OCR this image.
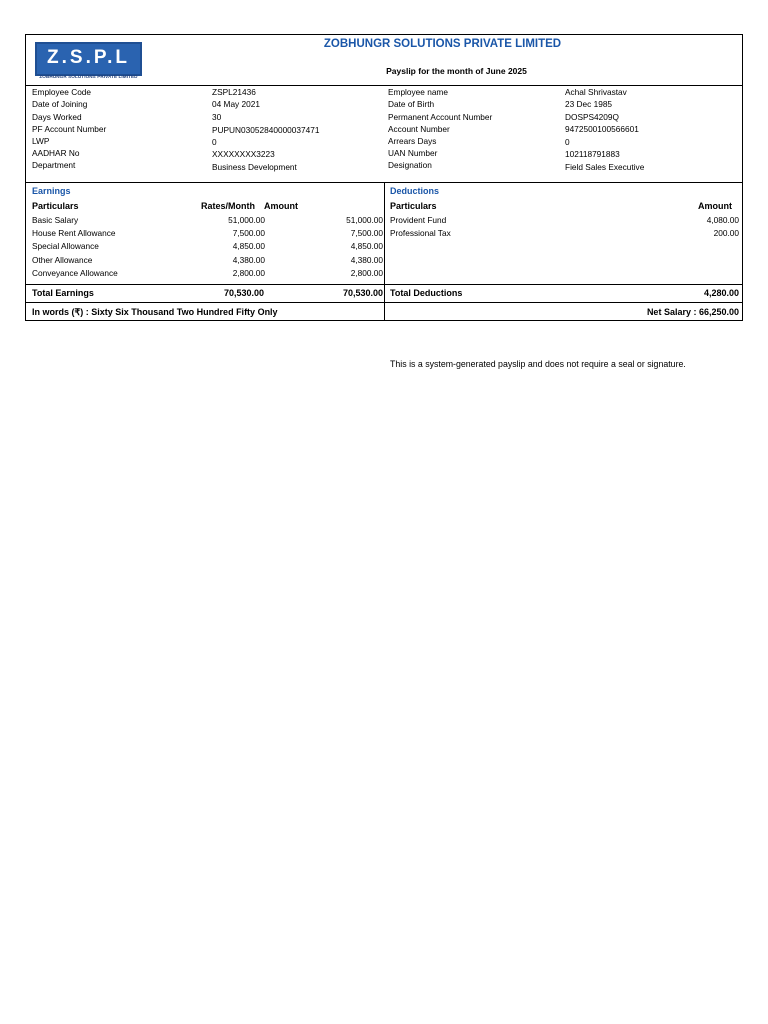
Z.S.P.L
ZOBHUNGR SOLUTIONS PRIVATE LIMITED
ZOBHUNGR SOLUTIONS PRIVATE LIMITED
Payslip for the month of June 2025
Employee Code	ZSPL21436
Date of Joining	04 May 2021
Days Worked	30
PF Account Number	PUPUN03052840000037471
LWP	0
AADHAR No	XXXXXXXX3223
Department	Business Development
Employee name	Achal Shrivastav
Date of Birth	23 Dec 1985
Permanent Account Number	DOSPS4209Q
Account Number	9472500100566601
Arrears Days	0
UAN Number	102118791883
Designation	Field Sales Executive
Earnings
Particulars	Rates/Month Amount
Basic Salary	51,000.00	51,000.00
House Rent Allowance	7,500.00	7,500.00
Special Allowance	4,850.00	4,850.00
Other Allowance	4,380.00	4,380.00
Conveyance Allowance	2,800.00	2,800.00
Deductions
Particulars	Amount
Provident Fund	4,080.00
Professional Tax	200.00
Total Earnings	70,530.00	70,530.00 Total Deductions	4,280.00
In words (₹) : Sixty Six Thousand Two Hundred Fifty Only	Net Salary : 66,250.00
This is a system-generated payslip and does not require a seal or signature.
